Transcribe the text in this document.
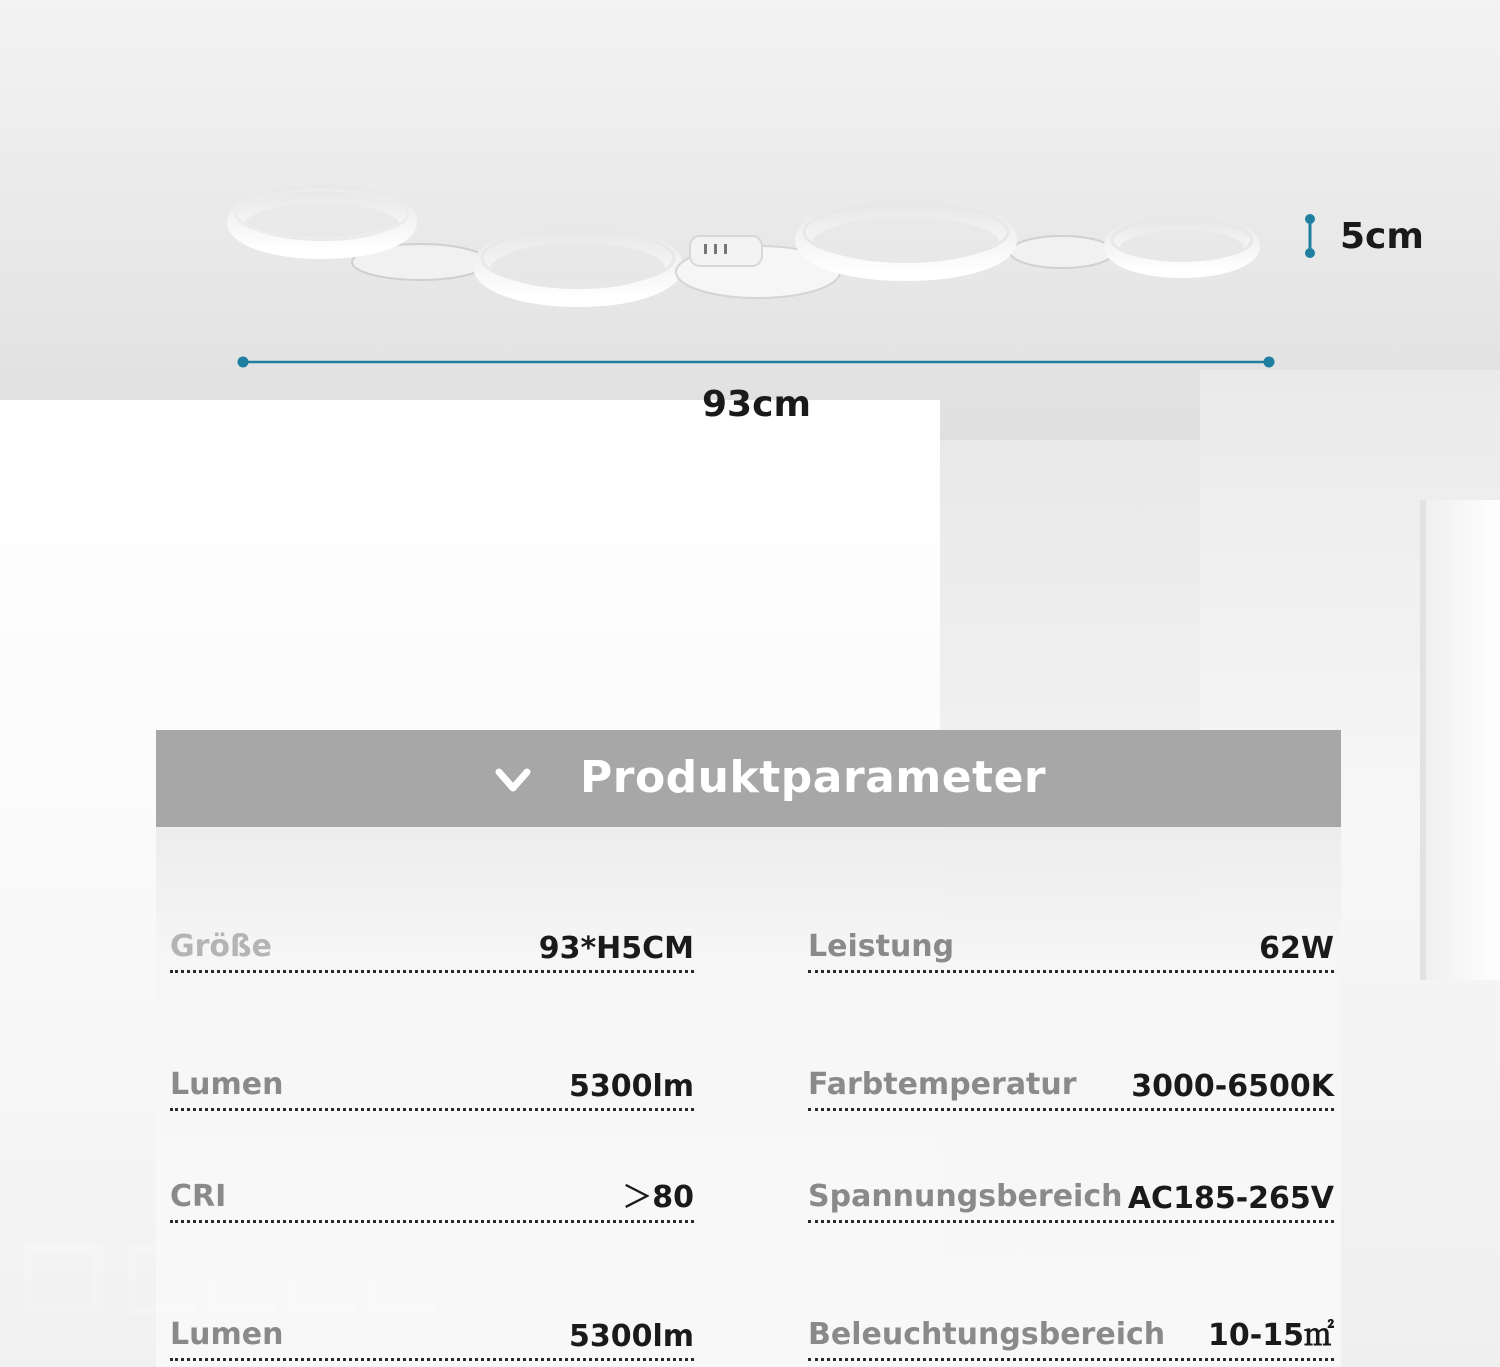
5cm
93cm
Produktparameter
Größe	93*H5CM	Leistung	62W
Lumen	5300lm	Farbtemperatur 3000-6500K
CRI	＞80	Spannungsbereich AC185-265V
Lumen	5300lm	Beleuchtungsbereich 10-15㎡
